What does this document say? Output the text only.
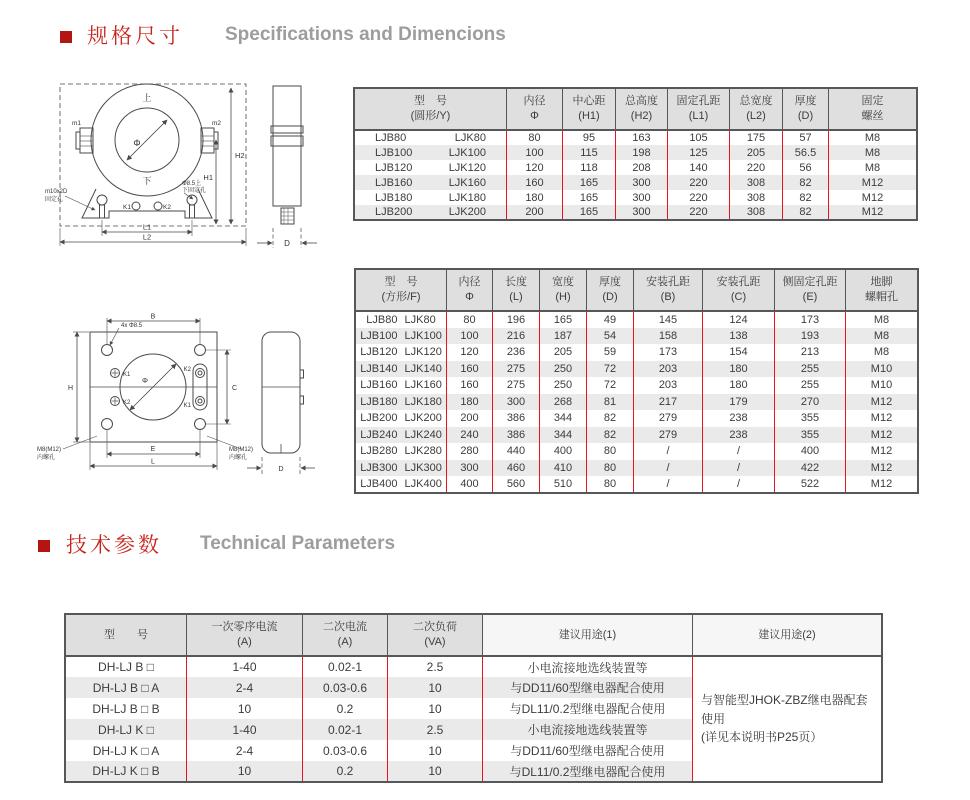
规格尺寸 Specifications and Dimencions
上
下
Φ
m1	m2
K1	K2
m10x2D
固定孔
Φ8.5上
下固定孔
L1
L2
H1
H2
D
型　号
(圆形/Y)

内径
Φ

中心距
(H1)

总高度
(H2)

固定孔距
(L1)

总宽度
(L2)

厚度
(D)

固定
螺丝

LJB80 LJK80	80	95	163	105	175	57	M8

LJB100 LJK100	100	115	198	125	205	56.5	M8

LJB120 LJK120	120	118	208	140	220	56	M8

LJB160 LJK160	160	165	300	220	308	82	M12

LJB180 LJK180	180	165	300	220	308	82	M12

LJB200 LJK200	200	165	300	220	308	82	M12
B
4x Φ8.5
H	C
Φ
K1
K2
K2
K1
E
L
M8(M12)
内螺孔
M8(M12)
内螺孔
D
型　号
(方形/F)

内径
Φ

长度
(L)

宽度
(H)

厚度
(D)

安装孔距
(B)

安装孔距
(C)

侧固定孔距
(E)

地脚
螺帽孔

LJB80 LJK80	80	196	165	49	145	124	173	M8

LJB100 LJK100	100	216	187	54	158	138	193	M8

LJB120 LJK120	120	236	205	59	173	154	213	M8

LJB140 LJK140	160	275	250	72	203	180	255	M10

LJB160 LJK160	160	275	250	72	203	180	255	M10

LJB180 LJK180	180	300	268	81	217	179	270	M12

LJB200 LJK200	200	386	344	82	279	238	355	M12

LJB240 LJK240	240	386	344	82	279	238	355	M12

LJB280 LJK280	280	440	400	80	/	/	400	M12

LJB300 LJK300	300	460	410	80	/	/	422	M12

LJB400 LJK400	400	560	510	80	/	/	522	M12
技术参数 Technical Parameters
型　　号

一次零序电流
(A)

二次电流
(A)

二次负荷
(VA)

建议用途(1)	建议用途(2)

DH-LJ B □	1-40	0.02-1	2.5	小电流接地选线装置等	与智能型JHOK-ZBZ继电器配套使用
(详见本说明书P25页）

DH-LJ B □ A	2-4	0.03-0.6	10	与DD11/60型继电器配合使用	
DH-LJ B □ B	10	0.2	10	与DL11/0.2型继电器配合使用	
DH-LJ K □	1-40	0.02-1	2.5	小电流接地选线装置等	
DH-LJ K □ A	2-4	0.03-0.6	10	与DD11/60型继电器配合使用	
DH-LJ K □ B	10	0.2	10	与DL11/0.2型继电器配合使用	
